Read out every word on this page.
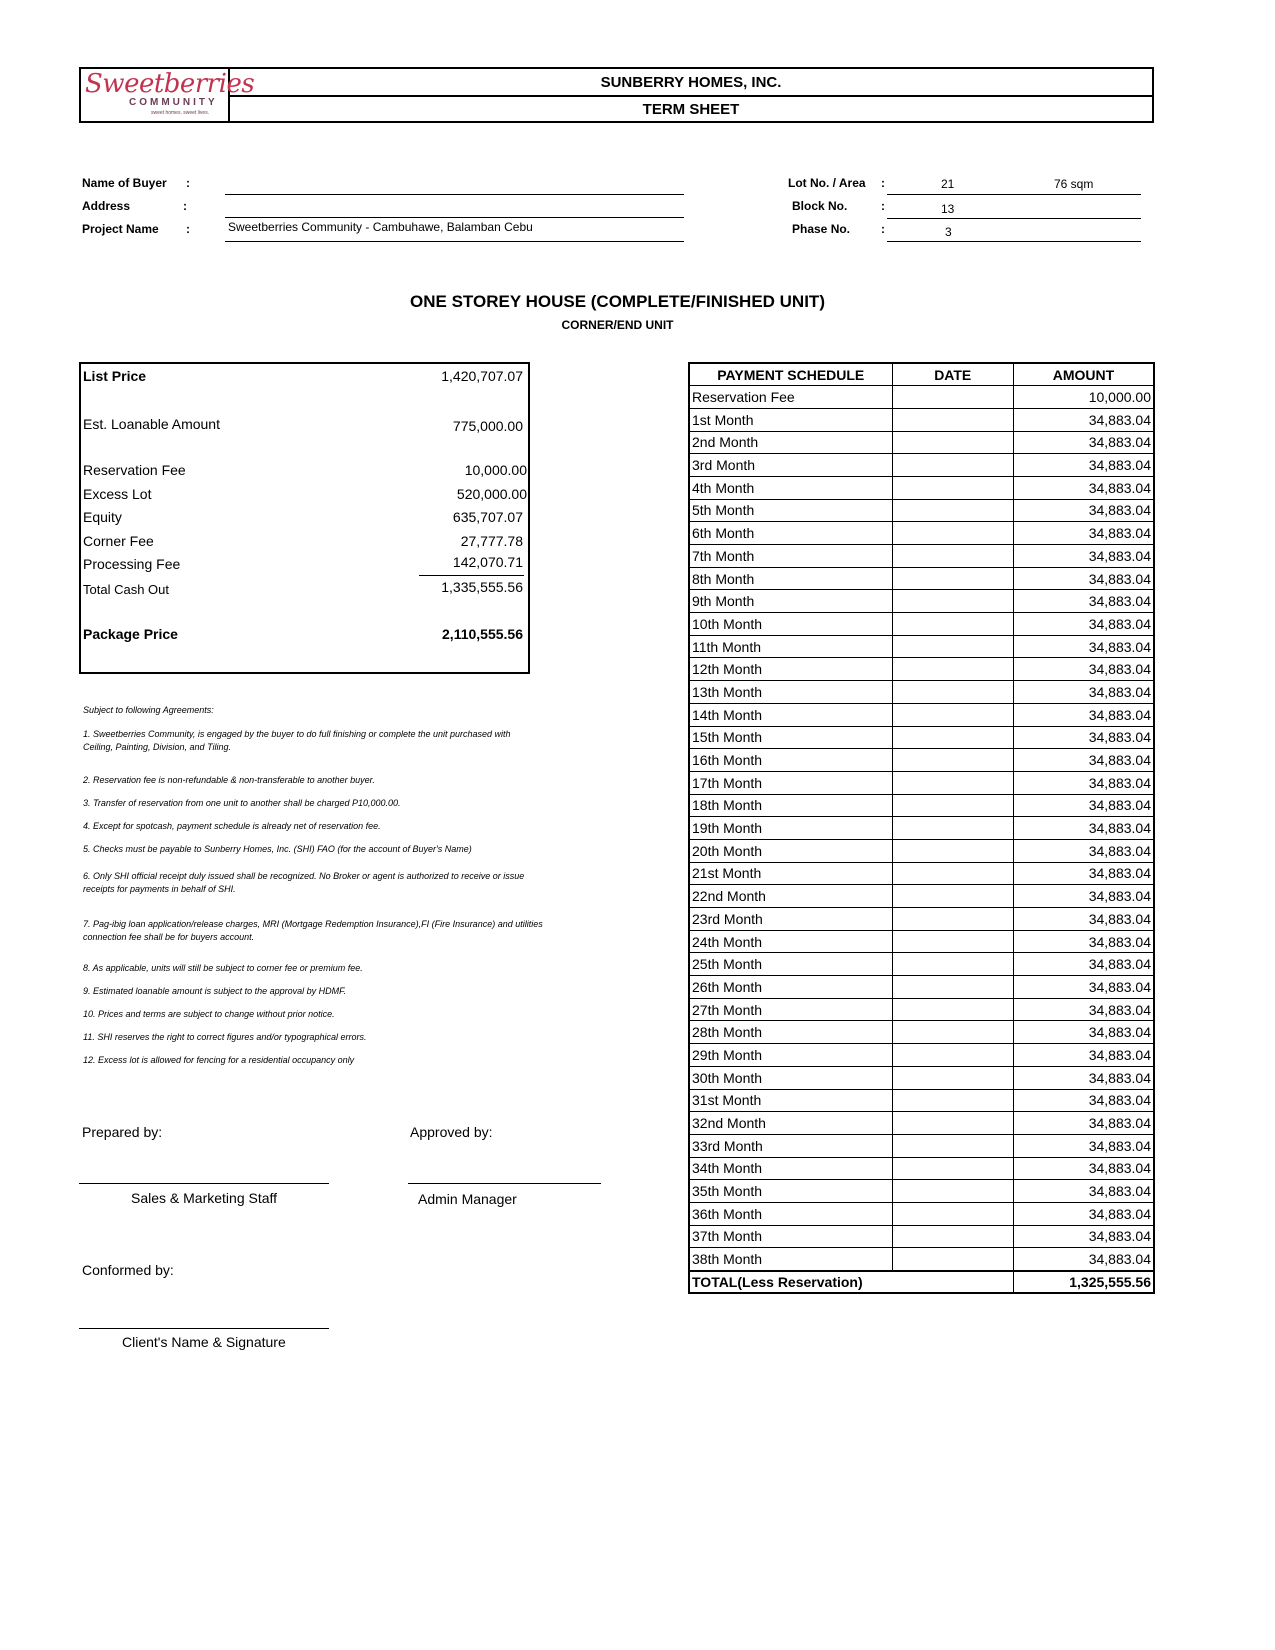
Sweetberries
COMMUNITY
sweet homes. sweet lives.
SUNBERRY HOMES, INC.
TERM SHEET
Name of Buyer :
Address	:
Project Name :	Sweetberries Community - Cambuhawe, Balamban Cebu
Lot No. / Area :	21	76 sqm
Block No.	:	13
Phase No.	:	3
ONE STOREY HOUSE (COMPLETE/FINISHED UNIT)
CORNER/END UNIT
List Price	1,420,707.07
Est. Loanable Amount	775,000.00
Reservation Fee	10,000.00
Excess Lot	520,000.00
Equity	635,707.07
Corner Fee	27,777.78
Processing Fee	142,070.71
Total Cash Out	1,335,555.56
Package Price	2,110,555.56
Subject to following Agreements:
1. Sweetberries Community, is engaged by the buyer to do full finishing or complete the unit purchased with Ceiling, Painting, Division, and Tiling.
2. Reservation fee is non-refundable & non-transferable to another buyer.
3. Transfer of reservation from one unit to another shall be charged P10,000.00.
4. Except for spotcash, payment schedule is already net of reservation fee.
5. Checks must be payable to Sunberry Homes, Inc. (SHI) FAO (for the account of Buyer's Name)
6. Only SHI official receipt duly issued shall be recognized. No Broker or agent is authorized to receive or issue receipts for payments in behalf of SHI.
7. Pag-ibig loan application/release charges, MRI (Mortgage Redemption Insurance),FI (Fire Insurance) and utilities connection fee shall be for buyers account.
8. As applicable, units will still be subject to corner fee or premium fee.
9. Estimated loanable amount is subject to the approval by HDMF.
10. Prices and terms are subject to change without prior notice.
11. SHI reserves the right to correct figures and/or typographical errors.
12. Excess lot is allowed for fencing for a residential occupancy only
Prepared by:	Approved by:
Sales & Marketing Staff	Admin Manager
Conformed by:
Client's Name & Signature
PAYMENT SCHEDULE	DATE	AMOUNT
Reservation Fee		10,000.00
1st Month		34,883.04
2nd Month		34,883.04
3rd Month		34,883.04
4th Month		34,883.04
5th Month		34,883.04
6th Month		34,883.04
7th Month		34,883.04
8th Month		34,883.04
9th Month		34,883.04
10th Month		34,883.04
11th Month		34,883.04
12th Month		34,883.04
13th Month		34,883.04
14th Month		34,883.04
15th Month		34,883.04
16th Month		34,883.04
17th Month		34,883.04
18th Month		34,883.04
19th Month		34,883.04
20th Month		34,883.04
21st Month		34,883.04
22nd Month		34,883.04
23rd Month		34,883.04
24th Month		34,883.04
25th Month		34,883.04
26th Month		34,883.04
27th Month		34,883.04
28th Month		34,883.04
29th Month		34,883.04
30th Month		34,883.04
31st Month		34,883.04
32nd Month		34,883.04
33rd Month		34,883.04
34th Month		34,883.04
35th Month		34,883.04
36th Month		34,883.04
37th Month		34,883.04
38th Month		34,883.04
TOTAL(Less Reservation)		1,325,555.56
